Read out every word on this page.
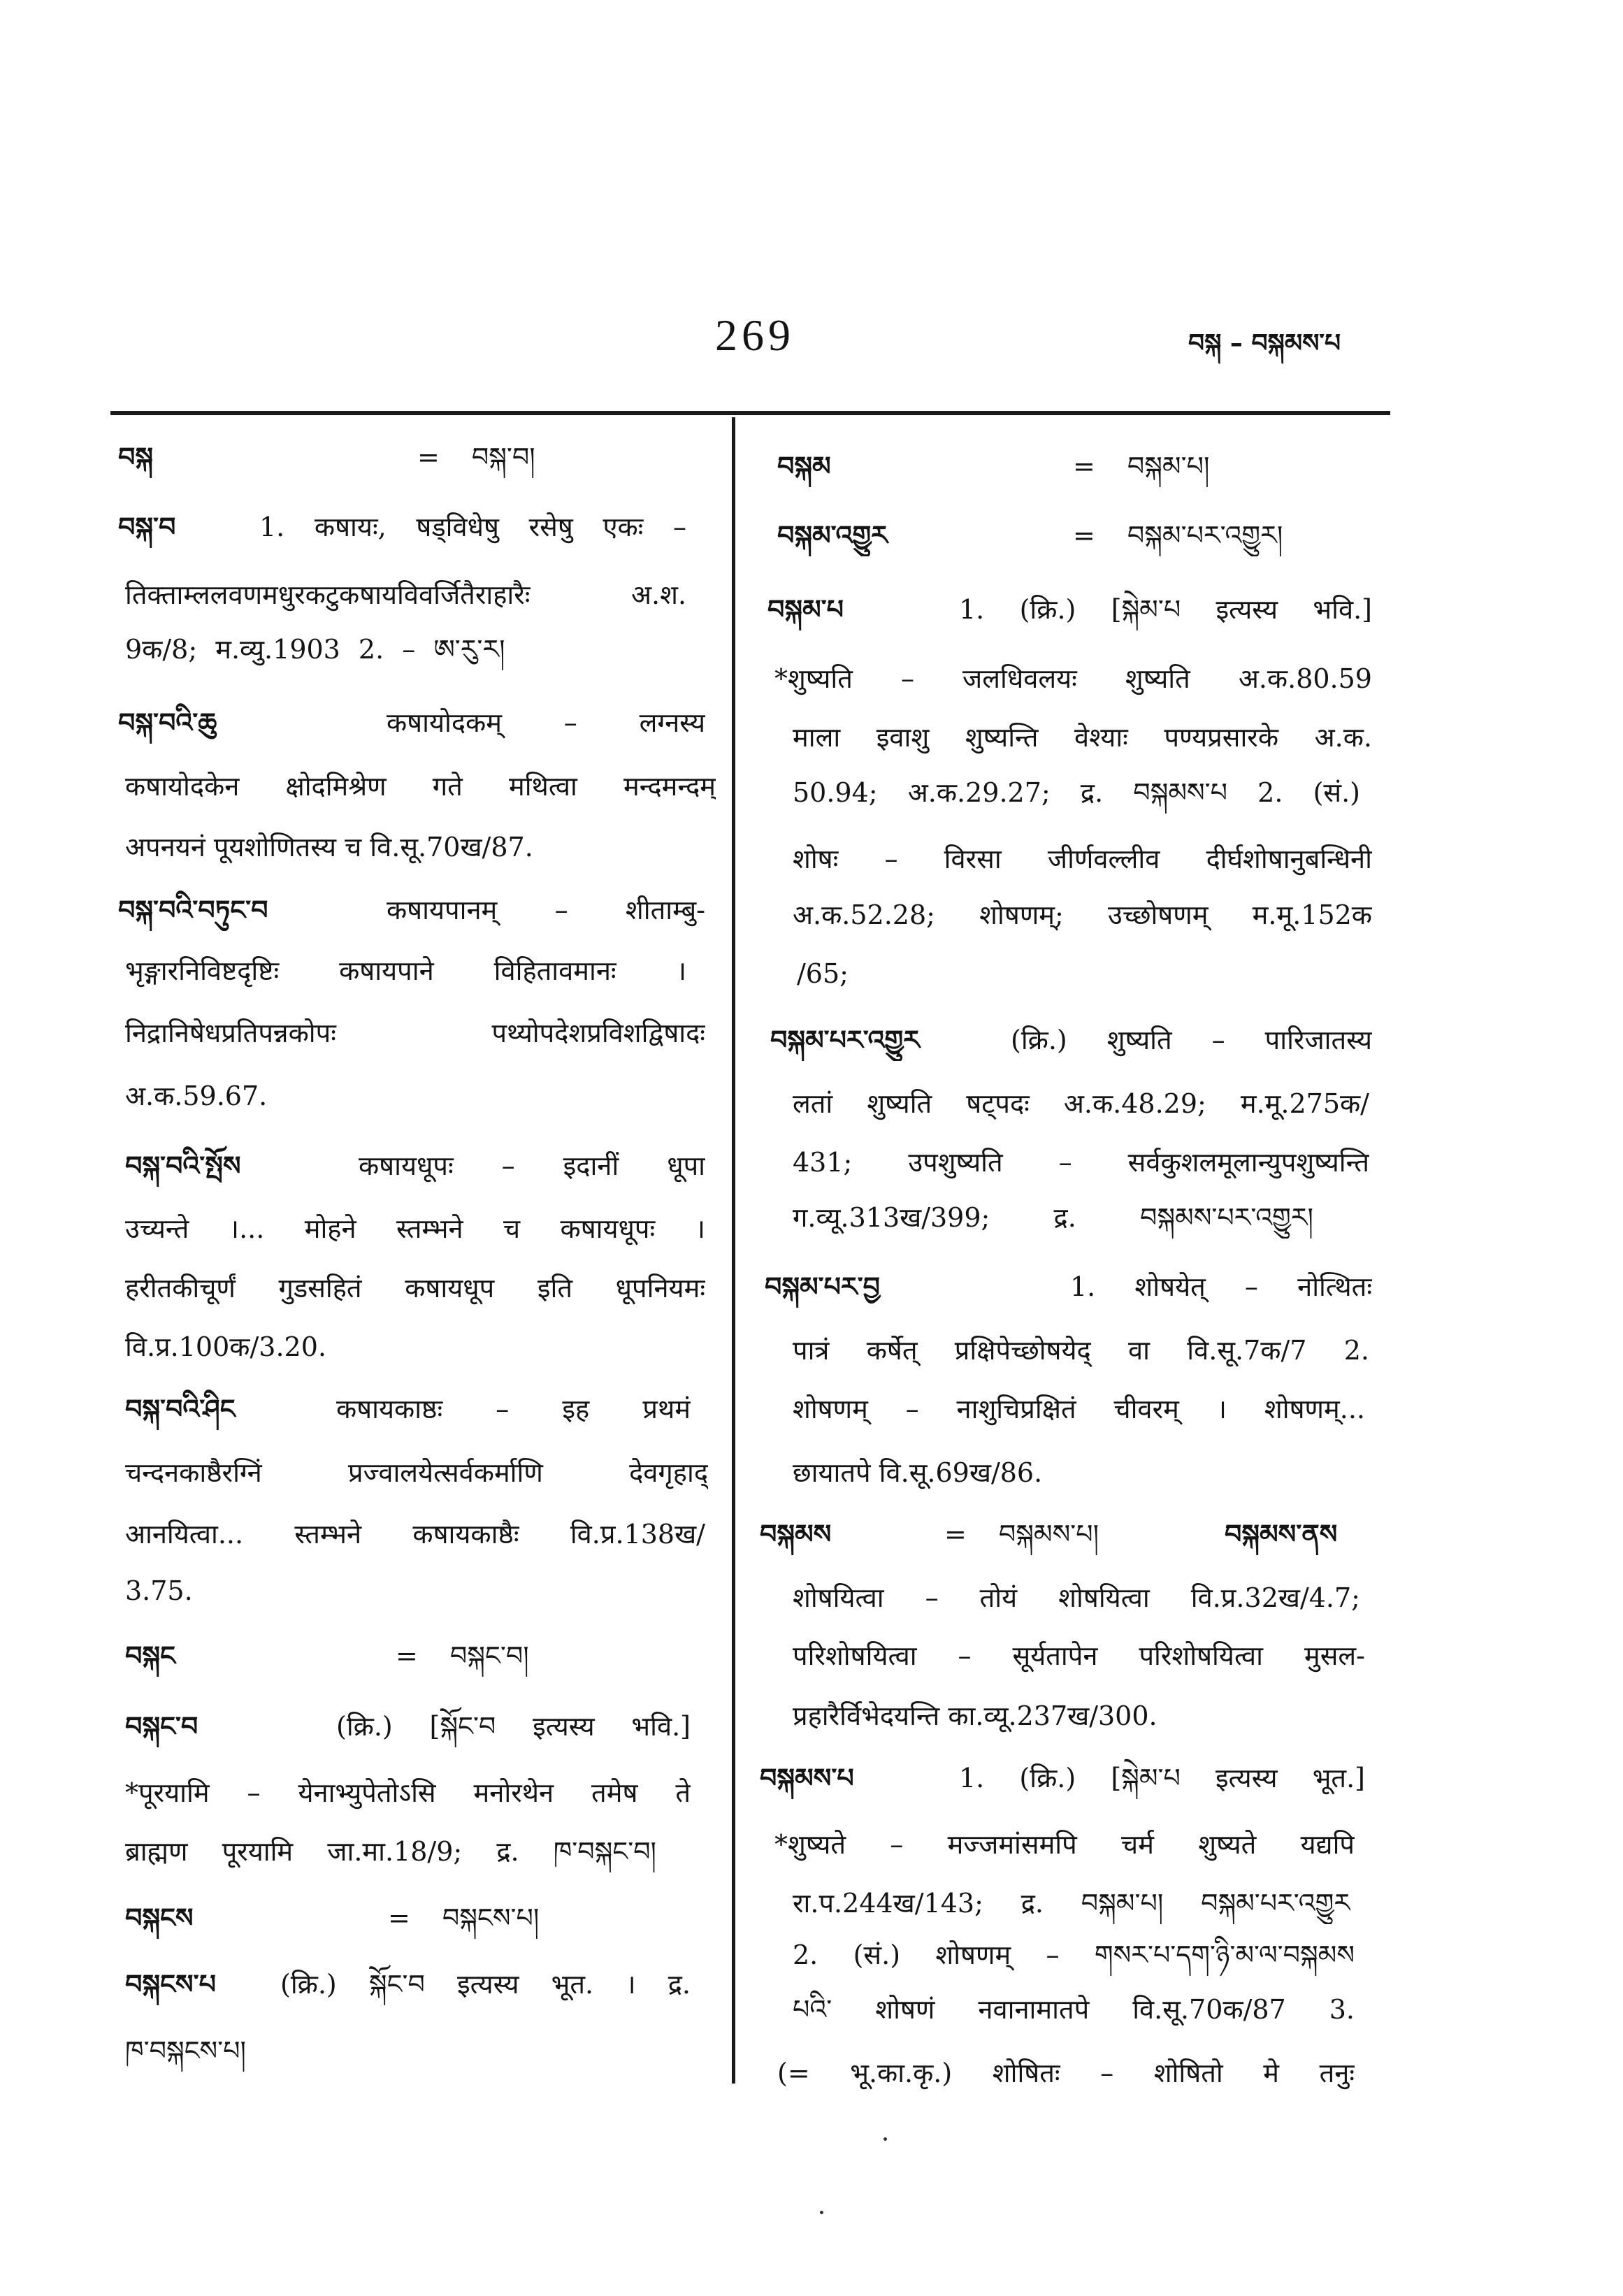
269	བསྐ – བསྐམས་པ
བསྐ	= བསྐ་བ།
བསྐ་བ	1. कषायः, षड्विधेषु रसेषु एकः –
तिक्ताम्ललवणमधुरकटुकषायविवर्जितैराहारैः अ.श.
9क/8; म.व्यु.1903 2. – ཨ་རུ་ར།
བསྐ་བའི་ཆུ	कषायोदकम् – लग्नस्य
कषायोदकेन क्षोदमिश्रेण गते मथित्वा मन्दमन्दम्
अपनयनं पूयशोणितस्य च वि.सू.70ख/87.
བསྐ་བའི་བཏུང་བ	कषायपानम् – शीताम्बु-
भृङ्गारनिविष्टदृष्टिः कषायपाने विहितावमानः ।
निद्रानिषेधप्रतिपन्नकोपः पथ्योपदेशप्रविशद्विषादः
अ.क.59.67.
བསྐ་བའི་སྤོས	कषायधूपः – इदानीं धूपा
उच्यन्ते ।... मोहने स्तम्भने च कषायधूपः ।
हरीतकीचूर्णं गुडसहितं कषायधूप इति धूपनियमः
वि.प्र.100क/3.20.
བསྐ་བའི་ཤིང	कषायकाष्ठः – इह प्रथमं
चन्दनकाष्ठैरग्निं प्रज्वालयेत्सर्वकर्माणि देवगृहाद्
आनयित्वा... स्तम्भने कषायकाष्ठैः वि.प्र.138ख/
3.75.
བསྐང	= བསྐང་བ།
བསྐང་བ	(क्रि.) [སྐོང་བ इत्यस्य भवि.]
*पूरयामि – येनाभ्युपेतोऽसि मनोरथेन तमेष ते
ब्राह्मण पूरयामि जा.मा.18/9; द्र. ཁ་བསྐང་བ།
བསྐངས	= བསྐངས་པ།
བསྐངས་པ	(क्रि.) སྐོང་བ इत्यस्य भूत. । द्र.
ཁ་བསྐངས་པ།
བསྐམ	= བསྐམ་པ།
བསྐམ་འགྱུར	= བསྐམ་པར་འགྱུར།
བསྐམ་པ	1. (क्रि.) [སྐེམ་པ इत्यस्य भवि.]
*शुष्यति – जलधिवलयः शुष्यति अ.क.80.59
माला इवाशु शुष्यन्ति वेश्याः पण्यप्रसारके अ.क.
50.94; अ.क.29.27; द्र. བསྐམས་པ 2. (सं.)
शोषः – विरसा जीर्णवल्लीव दीर्घशोषानुबन्धिनी
अ.क.52.28; शोषणम्; उच्छोषणम् म.मू.152क
/65;
བསྐམ་པར་འགྱུར	(क्रि.) शुष्यति – पारिजातस्य
लतां शुष्यति षट्पदः अ.क.48.29; म.मू.275क/
431; उपशुष्यति – सर्वकुशलमूलान्युपशुष्यन्ति
ग.व्यू.313ख/399; द्र. བསྐམས་པར་འགྱུར།
བསྐམ་པར་བྱ	1. शोषयेत् – नोत्थितः
पात्रं कर्षेत् प्रक्षिपेच्छोषयेद् वा वि.सू.7क/7 2.
शोषणम् – नाशुचिप्रक्षितं चीवरम् । शोषणम्...
छायातपे वि.सू.69ख/86.
བསྐམས	= བསྐམས་པ།	བསྐམས་ནས
शोषयित्वा – तोयं शोषयित्वा वि.प्र.32ख/4.7;
परिशोषयित्वा – सूर्यतापेन परिशोषयित्वा मुसल-
प्रहारैर्विभेदयन्ति का.व्यू.237ख/300.
བསྐམས་པ	1. (क्रि.) [སྐེམ་པ इत्यस्य भूत.]
*शुष्यते – मज्जमांसमपि चर्म शुष्यते यद्यपि
रा.प.244ख/143; द्र. བསྐམ་པ། བསྐམ་པར་འགྱུར
2. (सं.) शोषणम् – གསར་པ་དག་ཉི་མ་ལ་བསྐམས
པའི་ शोषणं नवानामातपे वि.सू.70क/87 3.
(= भू.का.कृ.) शोषितः – शोषितो मे तनुः
